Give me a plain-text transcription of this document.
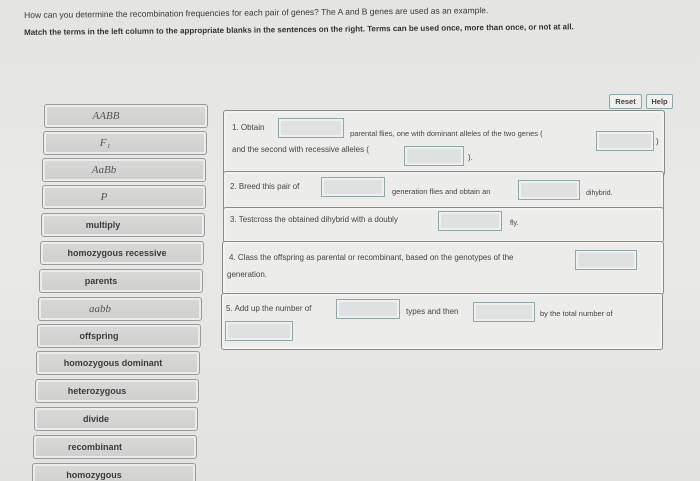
How can you determine the recombination frequencies for each pair of genes? The A and B genes are used as an example.
Match the terms in the left column to the appropriate blanks in the sentences on the right. Terms can be used once, more than once, or not at all.
Reset	Help
AABB
F₁
AaBb
P
multiply
homozygous recessive
parents
aabb
offspring
homozygous dominant
heterozygous
divide
recombinant
homozygous
1. Obtain
parental flies, one with dominant alleles of the two genes (
)
and the second with recessive alleles (
).
2. Breed this pair of
generation flies and obtain an	dihybrid.
3. Testcross the obtained dihybrid with a doubly	fly.
4. Class the offspring as parental or recombinant, based on the genotypes of the
generation.
5. Add up the number of	types and then	by the total number of
